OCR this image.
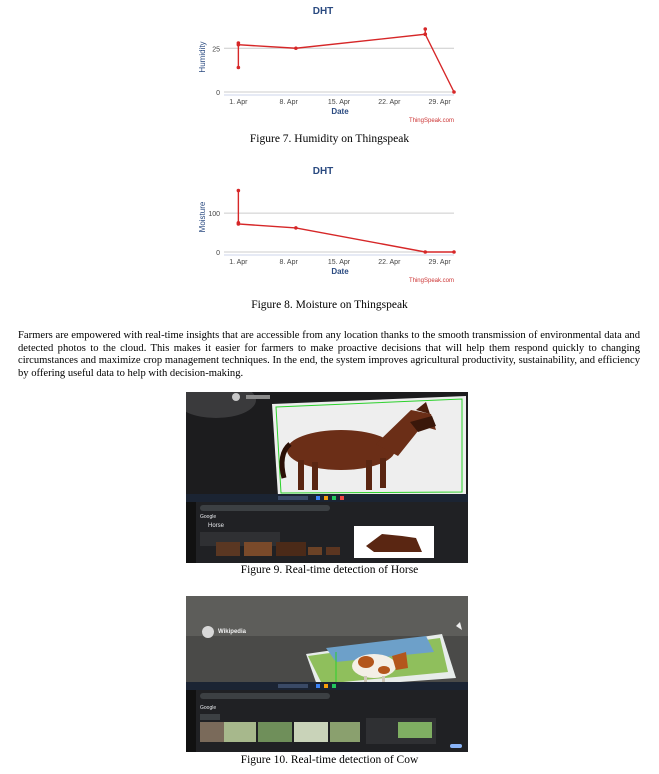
DHT
Humidity
0
25
1. Apr	8. Apr	15. Apr	22. Apr	29. Apr
Date
ThingSpeak.com
Figure 7. Humidity on Thingspeak
DHT
Moisture
0
100
1. Apr	8. Apr	15. Apr	22. Apr	29. Apr
Date
ThingSpeak.com
Figure 8. Moisture on Thingspeak
Farmers are empowered with real-time insights that are accessible from any location thanks to the smooth transmission of environmental data and detected photos to the cloud. This makes it easier for farmers to make proactive decisions that will help them respond quickly to changing circumstances and maximize crop management techniques. In the end, the system improves agricultural productivity, sustainability, and efficiency by offering useful data to help with decision-making.
Google
Horse
Figure 9. Real-time detection of Horse
Wikipedia
Google
Figure 10. Real-time detection of Cow
